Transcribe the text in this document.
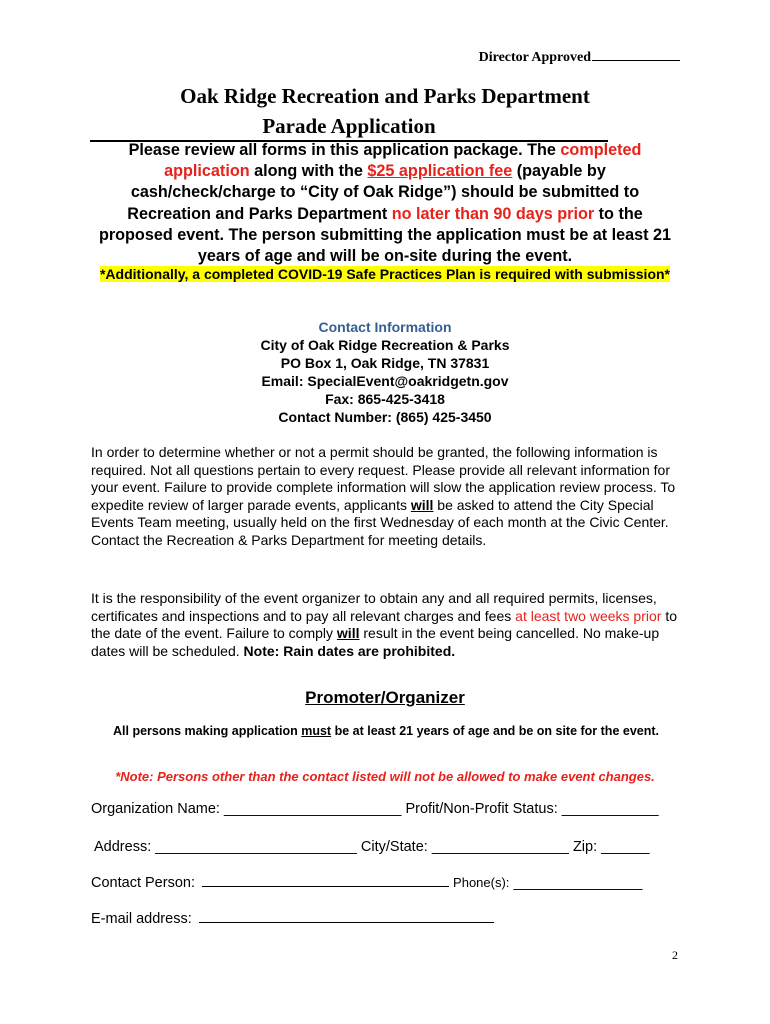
Director Approved
Oak Ridge Recreation and Parks Department
Parade Application
Please review all forms in this application package. The completed application along with the $25 application fee (payable by cash/check/charge to “City of Oak Ridge”) should be submitted to Recreation and Parks Department no later than 90 days prior to the proposed event. The person submitting the application must be at least 21 years of age and will be on-site during the event.
*Additionally, a completed COVID-19 Safe Practices Plan is required with submission*
Contact Information
City of Oak Ridge Recreation & Parks
PO Box 1, Oak Ridge, TN 37831
Email: SpecialEvent@oakridgetn.gov
Fax: 865-425-3418
Contact Number: (865) 425-3450
In order to determine whether or not a permit should be granted, the following information is required. Not all questions pertain to every request. Please provide all relevant information for your event. Failure to provide complete information will slow the application review process. To expedite review of larger parade events, applicants will be asked to attend the City Special Events Team meeting, usually held on the first Wednesday of each month at the Civic Center. Contact the Recreation & Parks Department for meeting details.
It is the responsibility of the event organizer to obtain any and all required permits, licenses, certificates and inspections and to pay all relevant charges and fees at least two weeks prior to the date of the event. Failure to comply will result in the event being cancelled. No make-up dates will be scheduled. Note: Rain dates are prohibited.
Promoter/Organizer
All persons making application must be at least 21 years of age and be on site for the event.
*Note: Persons other than the contact listed will not be allowed to make event changes.
Organization Name: ______________________ Profit/Non-Profit Status: ____________
Address: _________________________ City/State: _________________ Zip: ______
Contact Person:	Phone(s): ________________
E-mail address:
2
